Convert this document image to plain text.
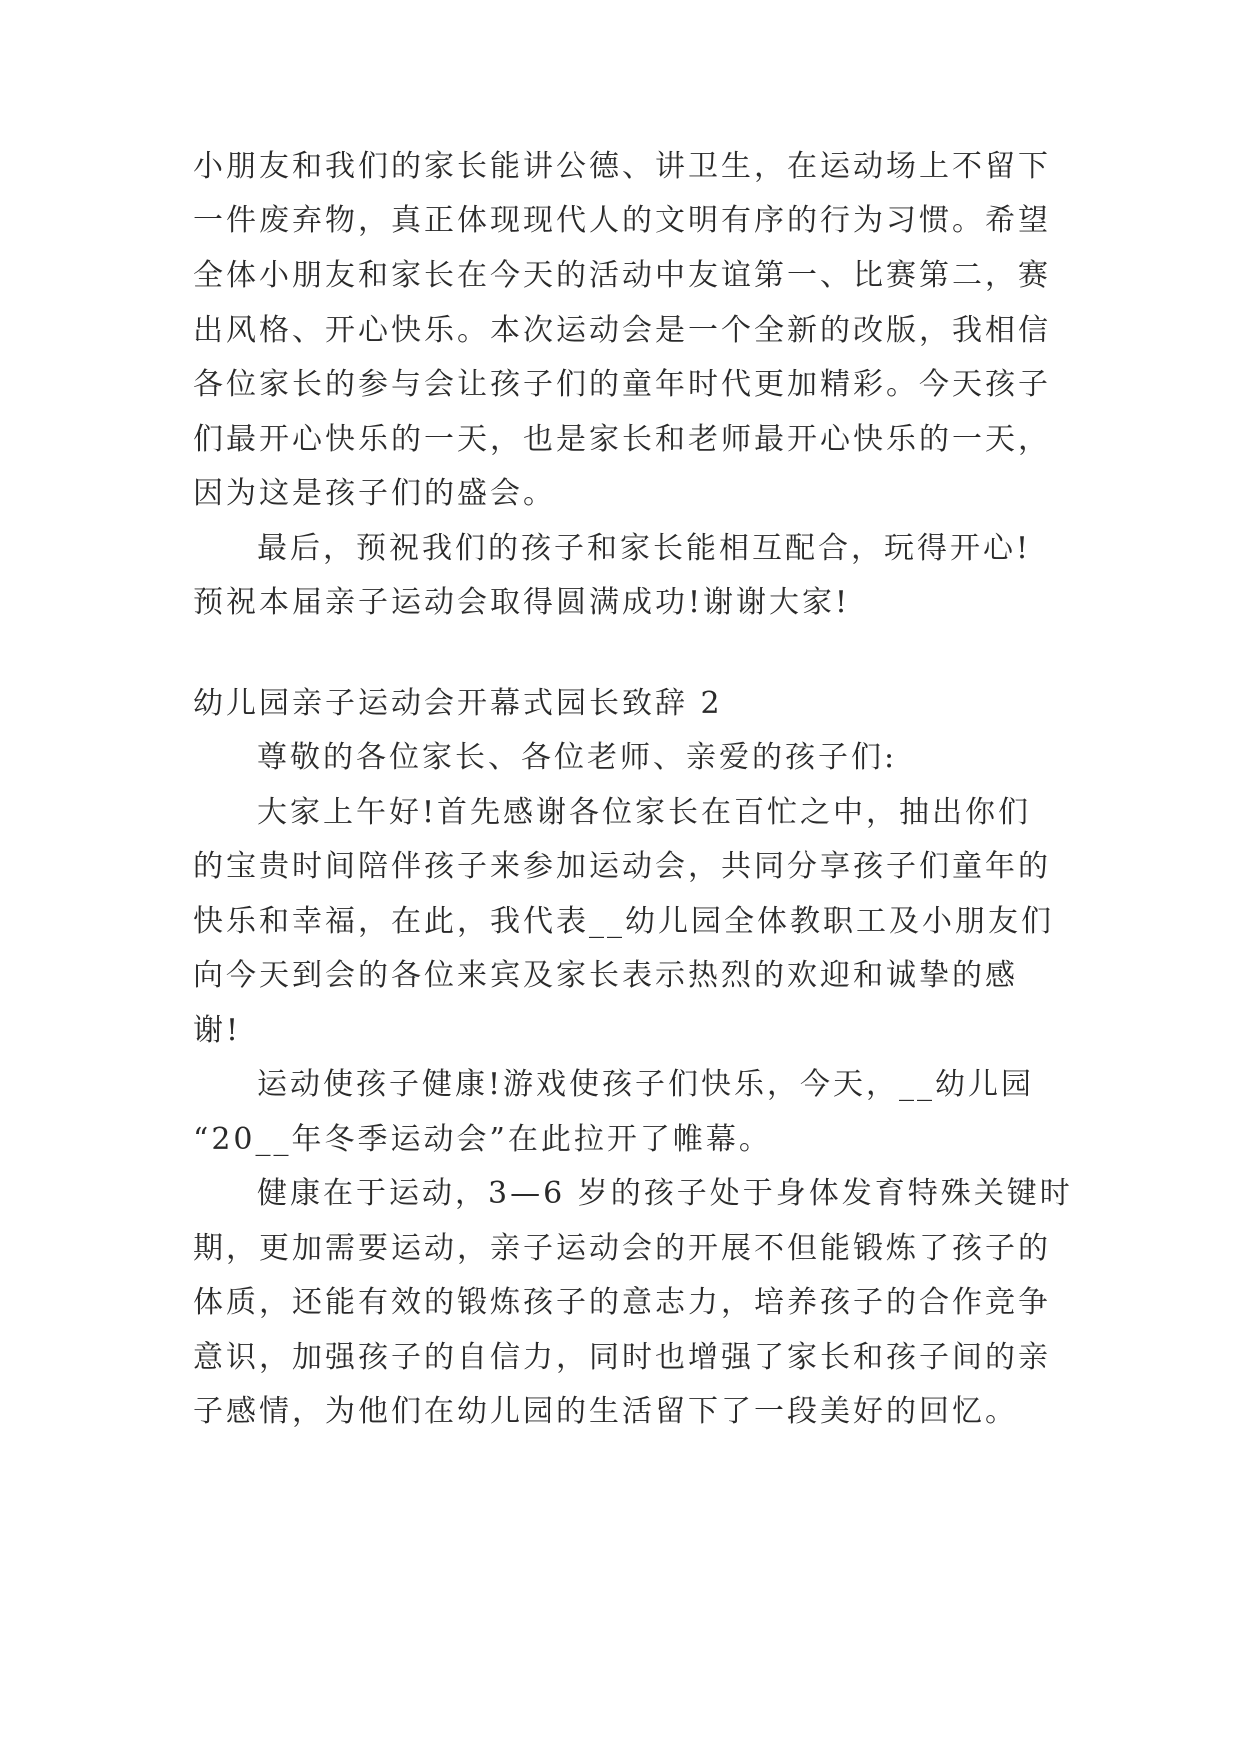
小朋友和我们的家长能讲公德、讲卫生，在运动场上不留下
一件废弃物，真正体现现代人的文明有序的行为习惯。希望
全体小朋友和家长在今天的活动中友谊第一、比赛第二，赛
出风格、开心快乐。本次运动会是一个全新的改版，我相信
各位家长的参与会让孩子们的童年时代更加精彩。今天孩子
们最开心快乐的一天，也是家长和老师最开心快乐的一天，
因为这是孩子们的盛会。
最后，预祝我们的孩子和家长能相互配合，玩得开心!
预祝本届亲子运动会取得圆满成功!谢谢大家!
幼儿园亲子运动会开幕式园长致辞 2
尊敬的各位家长、各位老师、亲爱的孩子们:
大家上午好!首先感谢各位家长在百忙之中，抽出你们
的宝贵时间陪伴孩子来参加运动会，共同分享孩子们童年的
快乐和幸福，在此，我代表__幼儿园全体教职工及小朋友们
向今天到会的各位来宾及家长表示热烈的欢迎和诚挚的感
谢!
运动使孩子健康!游戏使孩子们快乐，今天，__幼儿园
“20__年冬季运动会”在此拉开了帷幕。
健康在于运动，3—6 岁的孩子处于身体发育特殊关键时
期，更加需要运动，亲子运动会的开展不但能锻炼了孩子的
体质，还能有效的锻炼孩子的意志力，培养孩子的合作竞争
意识，加强孩子的自信力，同时也增强了家长和孩子间的亲
子感情，为他们在幼儿园的生活留下了一段美好的回忆。
